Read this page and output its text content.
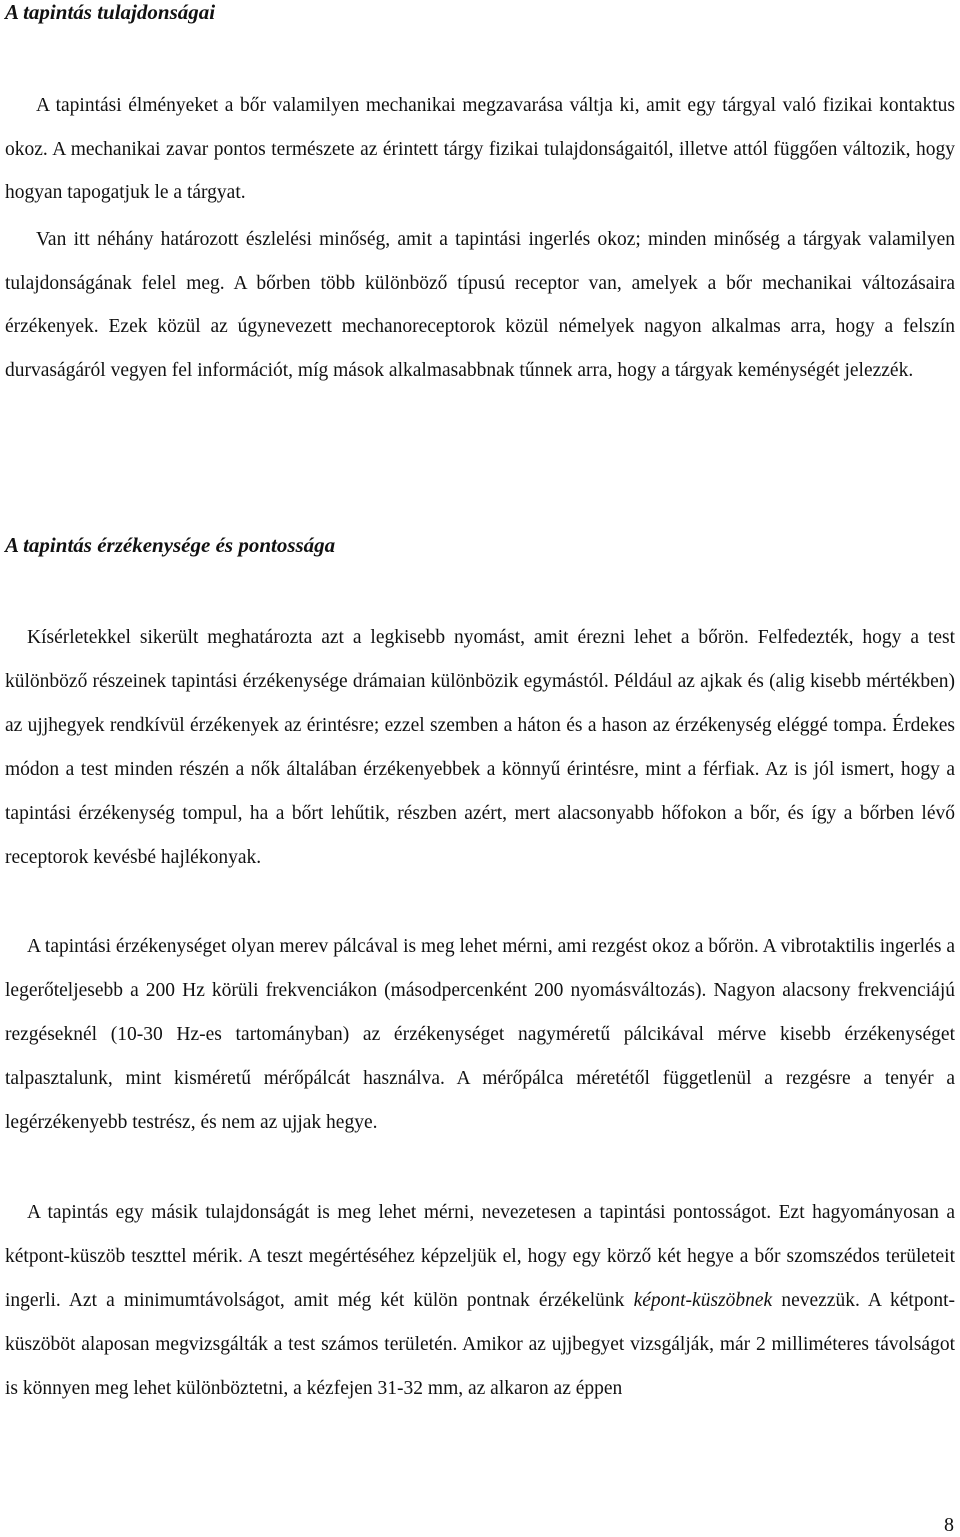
A tapintás tulajdonságai

A tapintási élményeket a bőr valamilyen mechanikai megzavarása váltja ki, amit egy tárgyal való fizikai kontaktus okoz. A mechanikai zavar pontos természete az érintett tárgy fizikai tulajdonságaitól, illetve attól függően változik, hogy hogyan tapogatjuk le a tárgyat.

Van itt néhány határozott észlelési minőség, amit a tapintási ingerlés okoz; minden minőség a tárgyak valamilyen tulajdonságának felel meg. A bőrben több különböző típusú receptor van, amelyek a bőr mechanikai változásaira érzékenyek. Ezek közül az úgynevezett mechanoreceptorok közül némelyek nagyon alkalmas arra, hogy a felszín durvaságáról vegyen fel információt, míg mások alkalmasabbnak tűnnek arra, hogy a tárgyak keménységét jelezzék.

A tapintás érzékenysége és pontossága

Kísérletekkel sikerült meghatározta azt a legkisebb nyomást, amit érezni lehet a bőrön. Felfedezték, hogy a test különböző részeinek tapintási érzékenysége drámaian különbözik egymástól. Például az ajkak és (alig kisebb mértékben) az ujjhegyek rendkívül érzékenyek az érintésre; ezzel szemben a háton és a hason az érzékenység eléggé tompa. Érdekes módon a test minden részén a nők általában érzékenyebbek a könnyű érintésre, mint a férfiak. Az is jól ismert, hogy a tapintási érzékenység tompul, ha a bőrt lehűtik, részben azért, mert alacsonyabb hőfokon a bőr, és így a bőrben lévő receptorok kevésbé hajlékonyak.

A tapintási érzékenységet olyan merev pálcával is meg lehet mérni, ami rezgést okoz a bőrön. A vibrotaktilis ingerlés a legerőteljesebb a 200 Hz körüli frekvenciákon (másodpercenként 200 nyomásváltozás). Nagyon alacsony frekvenciájú rezgéseknél (10-30 Hz-es tartományban) az érzékenységet nagyméretű pálcikával mérve kisebb érzékenységet talpasztalunk, mint kisméretű mérőpálcát használva. A mérőpálca méretétől függetlenül a rezgésre a tenyér a legérzékenyebb testrész, és nem az ujjak hegye.

A tapintás egy másik tulajdonságát is meg lehet mérni, nevezetesen a tapintási pontosságot. Ezt hagyományosan a kétpont-küszöb teszttel mérik. A teszt megértéséhez képzeljük el, hogy egy körző két hegye a bőr szomszédos területeit ingerli. Azt a minimumtávolságot, amit még két külön pontnak érzékelünk képont-küszöbnek nevezzük. A kétpont-küszöböt alaposan megvizsgálták a test számos területén. Amikor az ujjbegyet vizsgálják, már 2 milliméteres távolságot is könnyen meg lehet különböztetni, a kézfejen 31-32 mm, az alkaron az éppen

8
